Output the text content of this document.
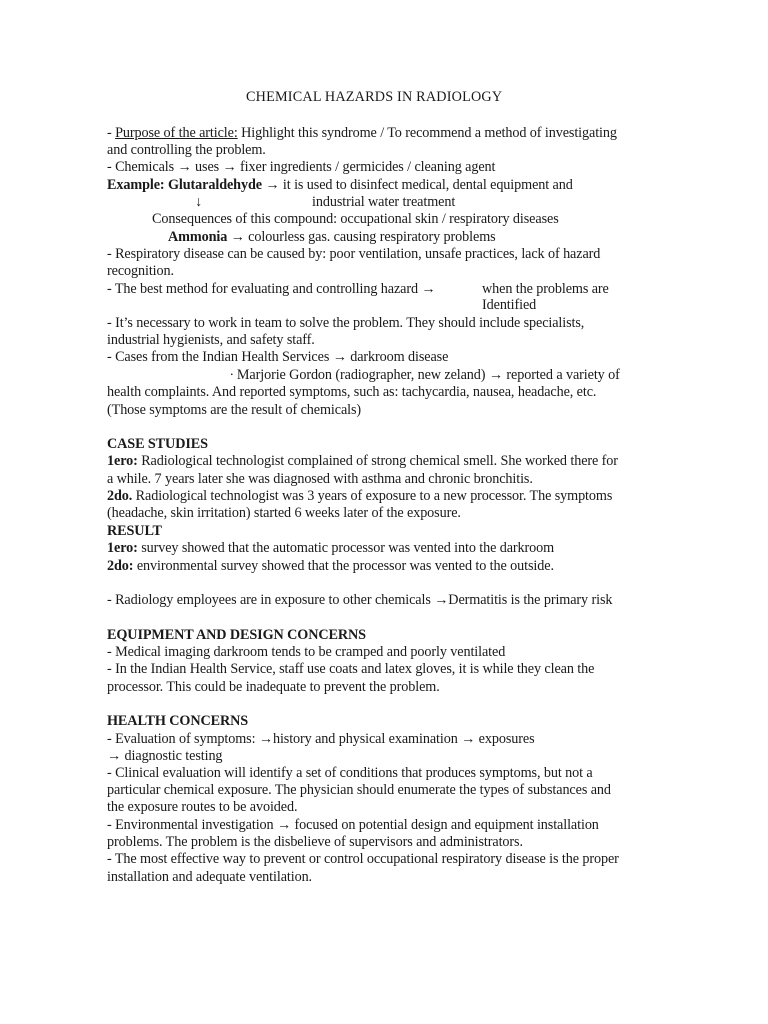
CHEMICAL HAZARDS IN RADIOLOGY
- Purpose of the article: Highlight this syndrome / To recommend a method of investigating
and controlling the problem.
- Chemicals → uses → fixer ingredients / germicides / cleaning agent
Example: Glutaraldehyde → it is used to disinfect medical, dental equipment and
↓	industrial water treatment
Consequences of this compound: occupational skin / respiratory diseases
Ammonia → colourless gas. causing respiratory problems
- Respiratory disease can be caused by: poor ventilation, unsafe practices, lack of hazard
recognition.
- The best method for evaluating and controlling hazard →	when the problems are
Identified
- It’s necessary to work in team to solve the problem. They should include specialists,
industrial hygienists, and safety staff.
- Cases from the Indian Health Services → darkroom disease
∙ Marjorie Gordon (radiographer, new zeland) → reported a variety of
health complaints. And reported symptoms, such as: tachycardia, nausea, headache, etc.
(Those symptoms are the result of chemicals)
CASE STUDIES
1ero: Radiological technologist complained of strong chemical smell. She worked there for
a while. 7 years later she was diagnosed with asthma and chronic bronchitis.
2do. Radiological technologist was 3 years of exposure to a new processor. The symptoms
(headache, skin irritation) started 6 weeks later of the exposure.
RESULT
1ero: survey showed that the automatic processor was vented into the darkroom
2do: environmental survey showed that the processor was vented to the outside.
- Radiology employees are in exposure to other chemicals →Dermatitis is the primary risk
EQUIPMENT AND DESIGN CONCERNS
- Medical imaging darkroom tends to be cramped and poorly ventilated
- In the Indian Health Service, staff use coats and latex gloves, it is while they clean the
processor. This could be inadequate to prevent the problem.
HEALTH CONCERNS
- Evaluation of symptoms: →history and physical examination → exposures
→ diagnostic testing
- Clinical evaluation will identify a set of conditions that produces symptoms, but not a
particular chemical exposure. The physician should enumerate the types of substances and
the exposure routes to be avoided.
- Environmental investigation → focused on potential design and equipment installation
problems. The problem is the disbelieve of supervisors and administrators.
- The most effective way to prevent or control occupational respiratory disease is the proper
installation and adequate ventilation.
